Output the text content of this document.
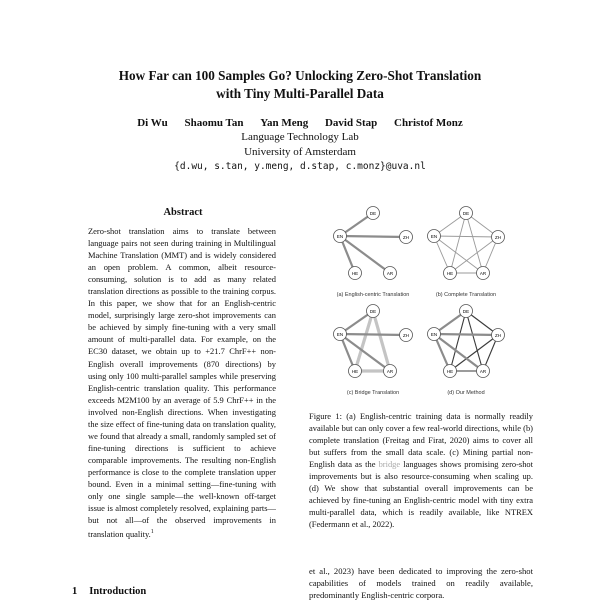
How Far can 100 Samples Go? Unlocking Zero-Shot Translation
with Tiny Multi-Parallel Data
Di Wu Shaomu Tan Yan Meng David Stap Christof Monz
Language Technology Lab
University of Amsterdam
{d.wu, s.tan, y.meng, d.stap, c.monz}@uva.nl
Abstract
Zero-shot translation aims to translate between language pairs not seen during training in Multilingual Machine Translation (MMT) and is widely considered an open problem. A common, albeit resource-consuming, solution is to add as many related translation directions as possible to the training corpus. In this paper, we show that for an English-centric model, surprisingly large zero-shot improvements can be achieved by simply fine-tuning with a very small amount of multi-parallel data. For example, on the EC30 dataset, we obtain up to +21.7 ChrF++ non-English overall improvements (870 directions) by using only 100 multi-parallel samples while preserving English-centric translation quality. This performance exceeds M2M100 by an average of 5.9 ChrF++ in the involved non-English directions. When investigating the size effect of fine-tuning data on translation quality, we found that already a small, randomly sampled set of fine-tuning directions is sufficient to achieve comparable improvements. The resulting non-English performance is close to the complete translation upper bound. Even in a minimal setting—fine-tuning with only one single sample—the well-known off-target issue is almost completely resolved, explaining parts—but not all—of the observed improvements in translation quality.$^1$
1 Introduction
DE
EN	ZH
HE	AR
(a) English-centric Translation
DE
EN	ZH
HE	AR
(b) Complete Translation
DE
EN	ZH
HE	AR
(c) Bridge Translation
DE
EN	ZH
HE	AR
(d) Our Method
Figure 1: (a) English-centric training data is normally readily available but can only cover a few real-world directions, while (b) complete translation (Freitag and Firat, 2020) aims to cover all but suffers from the small data scale. (c) Mining partial non-English data as the bridge languages shows promising zero-shot improvements but is also resource-consuming when scaling up. (d) We show that substantial overall improvements can be achieved by fine-tuning an English-centric model with tiny extra multi-parallel data, which is readily available, like NTREX (Federmann et al., 2022).
et al., 2023) have been dedicated to improving the zero-shot capabilities of models trained on readily available, predominantly English-centric corpora.
